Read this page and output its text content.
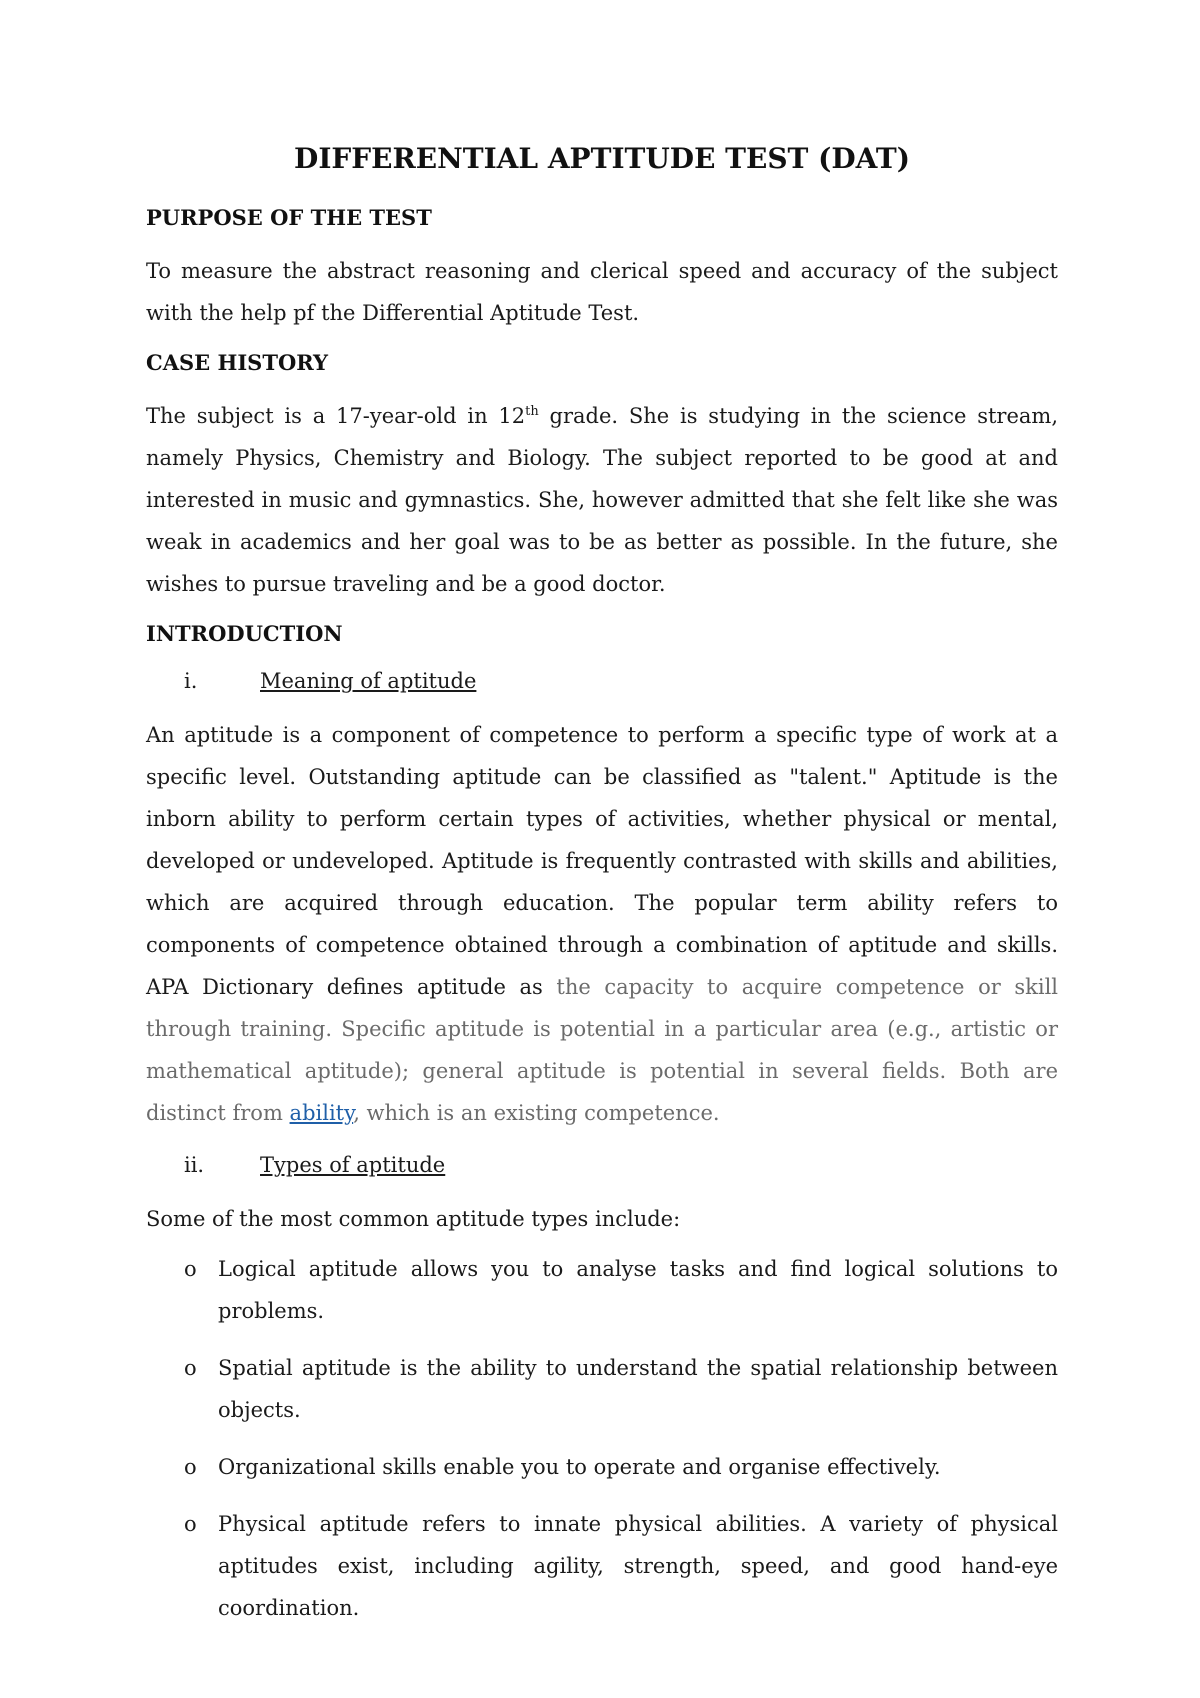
DIFFERENTIAL APTITUDE TEST (DAT)
PURPOSE OF THE TEST

To measure the abstract reasoning and clerical speed and accuracy of the subject with the help pf the Differential Aptitude Test.

CASE HISTORY

The subject is a 17-year-old in 12th grade. She is studying in the science stream, namely Physics, Chemistry and Biology. The subject reported to be good at and interested in music and gymnastics. She, however admitted that she felt like she was weak in academics and her goal was to be as better as possible. In the future, she wishes to pursue traveling and be a good doctor.

INTRODUCTION
i.	Meaning of aptitude

An aptitude is a component of competence to perform a specific type of work at a specific level. Outstanding aptitude can be classified as "talent." Aptitude is the inborn ability to perform certain types of activities, whether physical or mental, developed or undeveloped. Aptitude is frequently contrasted with skills and abilities, which are acquired through education. The popular term ability refers to components of competence obtained through a combination of aptitude and skills. APA Dictionary defines aptitude as the capacity to acquire competence or skill through training. Specific aptitude is potential in a particular area (e.g., artistic or mathematical aptitude); general aptitude is potential in several fields. Both are distinct from ability, which is an existing competence.

ii.	Types of aptitude

Some of the most common aptitude types include:

o	Logical aptitude allows you to analyse tasks and find logical solutions to problems.
o	Spatial aptitude is the ability to understand the spatial relationship between objects.
o	Organizational skills enable you to operate and organise effectively.
o	Physical aptitude refers to innate physical abilities. A variety of physical aptitudes exist, including agility, strength, speed, and good hand-eye coordination.
